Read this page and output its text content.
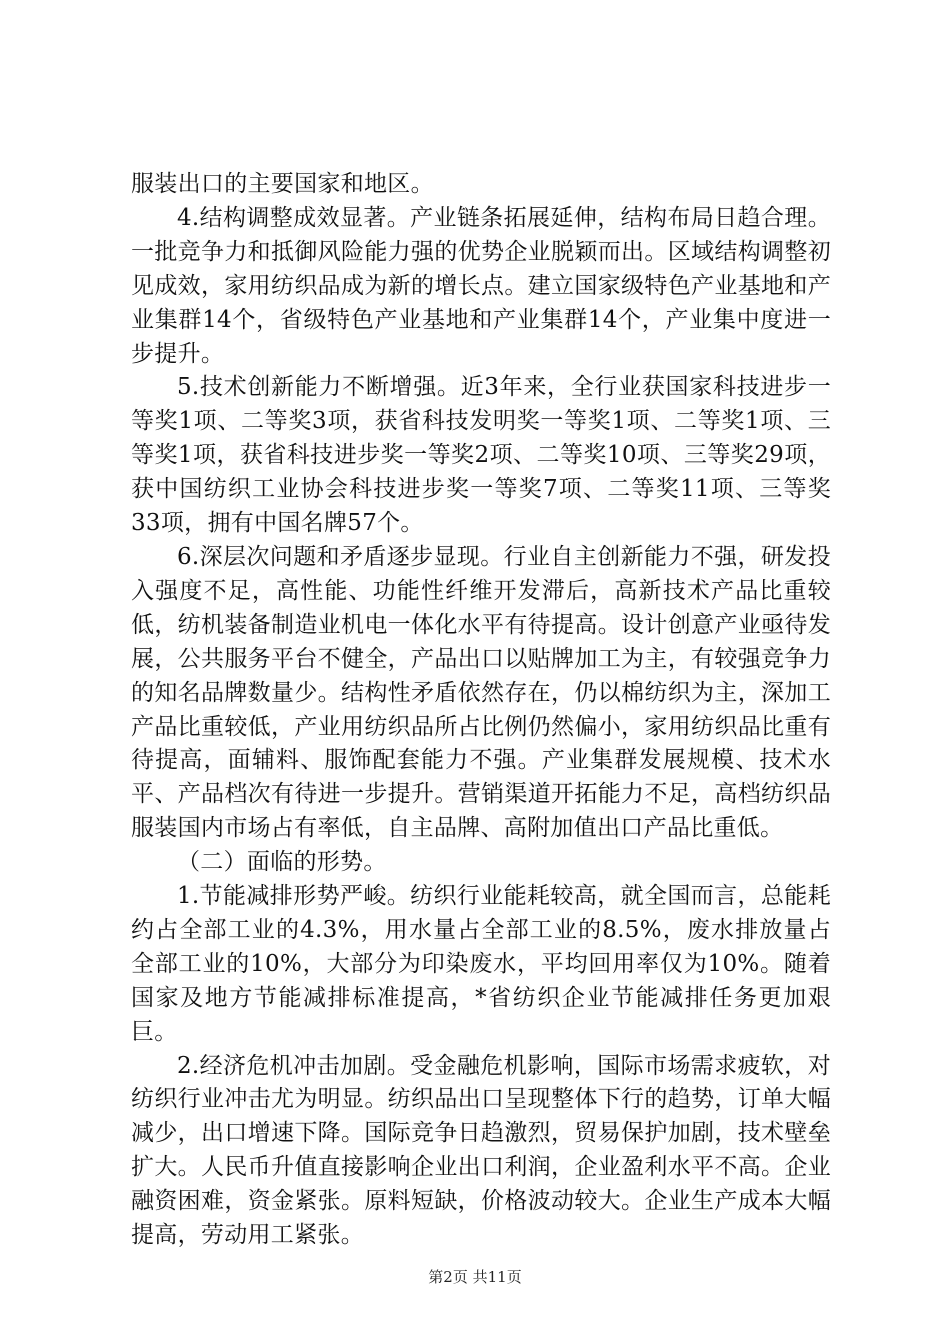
服装出口的主要国家和地区。

4.结构调整成效显著。产业链条拓展延伸，结构布局日趋合理。一批竞争力和抵御风险能力强的优势企业脱颖而出。区域结构调整初见成效，家用纺织品成为新的增长点。建立国家级特色产业基地和产业集群14个，省级特色产业基地和产业集群14个，产业集中度进一步提升。

5.技术创新能力不断增强。近3年来，全行业获国家科技进步一等奖1项、二等奖3项，获省科技发明奖一等奖1项、二等奖1项、三等奖1项，获省科技进步奖一等奖2项、二等奖10项、三等奖29项，获中国纺织工业协会科技进步奖一等奖7项、二等奖11项、三等奖33项，拥有中国名牌57个。

6.深层次问题和矛盾逐步显现。行业自主创新能力不强，研发投入强度不足，高性能、功能性纤维开发滞后，高新技术产品比重较低，纺机装备制造业机电一体化水平有待提高。设计创意产业亟待发展，公共服务平台不健全，产品出口以贴牌加工为主，有较强竞争力的知名品牌数量少。结构性矛盾依然存在，仍以棉纺织为主，深加工产品比重较低，产业用纺织品所占比例仍然偏小，家用纺织品比重有待提高，面辅料、服饰配套能力不强。产业集群发展规模、技术水平、产品档次有待进一步提升。营销渠道开拓能力不足，高档纺织品服装国内市场占有率低，自主品牌、高附加值出口产品比重低。

（二）面临的形势。

1.节能减排形势严峻。纺织行业能耗较高，就全国而言，总能耗约占全部工业的4.3%，用水量占全部工业的8.5%，废水排放量占全部工业的10%，大部分为印染废水，平均回用率仅为10%。随着国家及地方节能减排标准提高，*省纺织企业节能减排任务更加艰巨。

2.经济危机冲击加剧。受金融危机影响，国际市场需求疲软，对纺织行业冲击尤为明显。纺织品出口呈现整体下行的趋势，订单大幅减少，出口增速下降。国际竞争日趋激烈，贸易保护加剧，技术壁垒扩大。人民币升值直接影响企业出口利润，企业盈利水平不高。企业融资困难，资金紧张。原料短缺，价格波动较大。企业生产成本大幅提高，劳动用工紧张。

第2页 共11页
